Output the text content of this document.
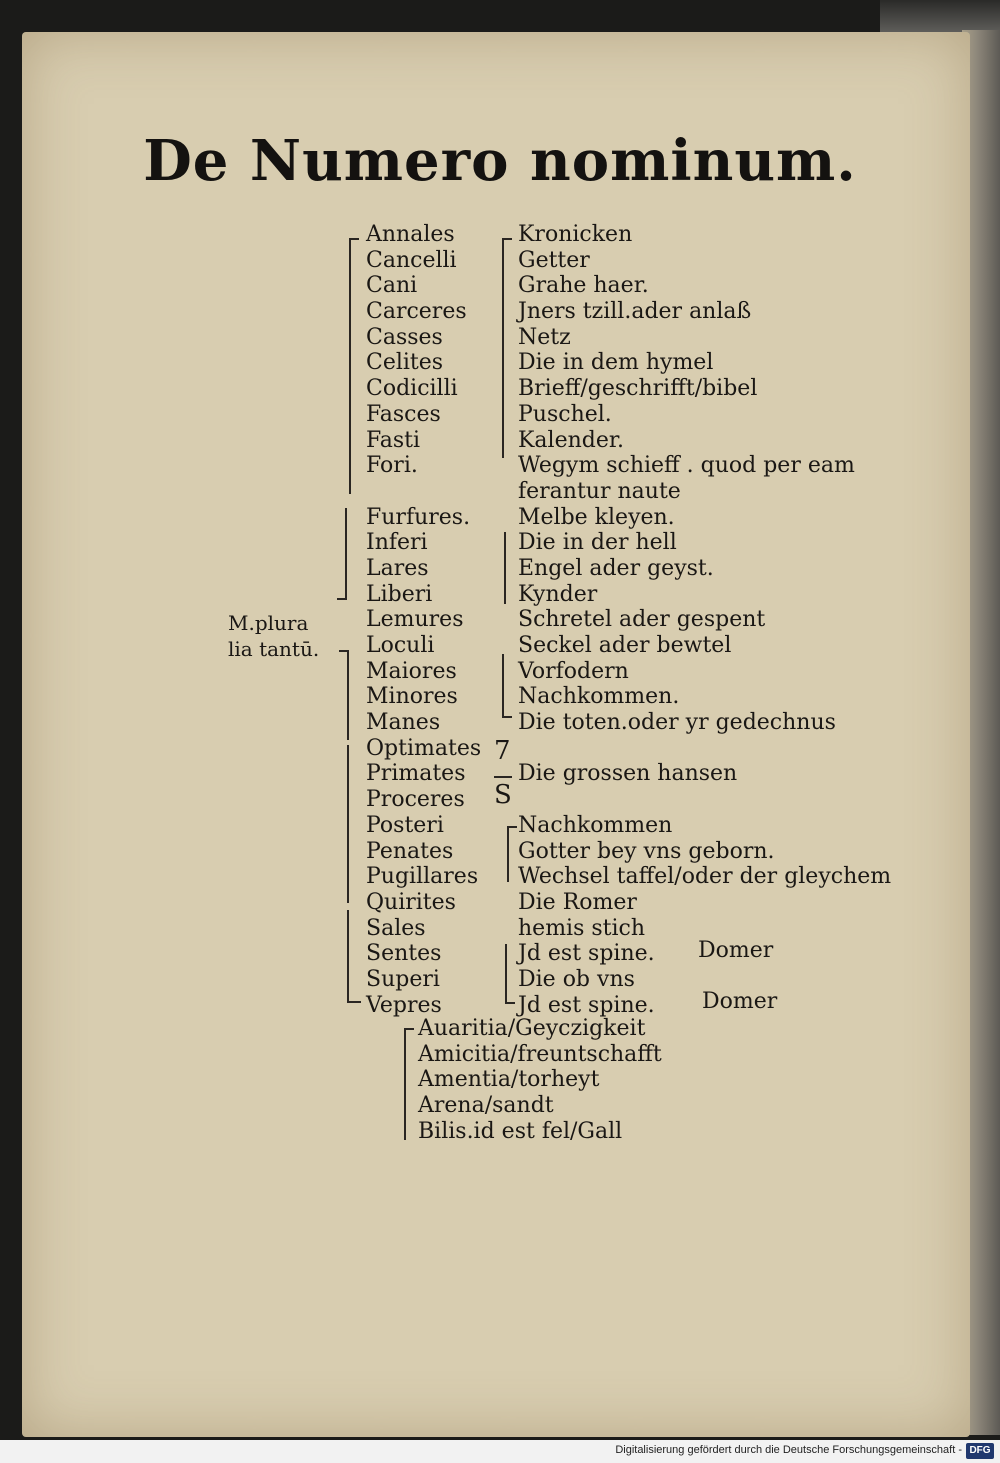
De Numero nominum.
M.plura
lia tantū.
Annales
Cancelli
Cani
Carceres
Casses
Celites
Codicilli
Fasces
Fasti
Fori.
Furfures.
Inferi
Lares
Liberi
Lemures
Loculi
Maiores
Minores
Manes
Optimates
Primates
Proceres
Posteri
Penates
Pugillares
Quirites
Sales
Sentes
Superi
Vepres
Kronicken
Getter
Grahe haer.
Jners tzill.ader anlaß
Netz
Die in dem hymel
Brieff/geschrifft/bibel
Puschel.
Kalender.
Wegym schieff . quod per eam
ferantur naute
Melbe kleyen.
Die in der hell
Engel ader geyst.
Kynder
Schretel ader gespent
Seckel ader bewtel
Vorfodern
Nachkommen.
Die toten.oder yr gedechnus
Die grossen hansen
Nachkommen
Gotter bey vns geborn.
Wechsel taffel/oder der gleychem
Die Romer
hemis stich
Jd est spine.
Die ob vns
Jd est spine.
Domer
Domer
Auaritia/Geyczigkeit
Amicitia/freuntschafft
Amentia/torheyt
Arena/sandt
Bilis.id est fel/Gall
7
S
Digitalisierung gefördert durch die Deutsche Forschungsgemeinschaft - DFG
